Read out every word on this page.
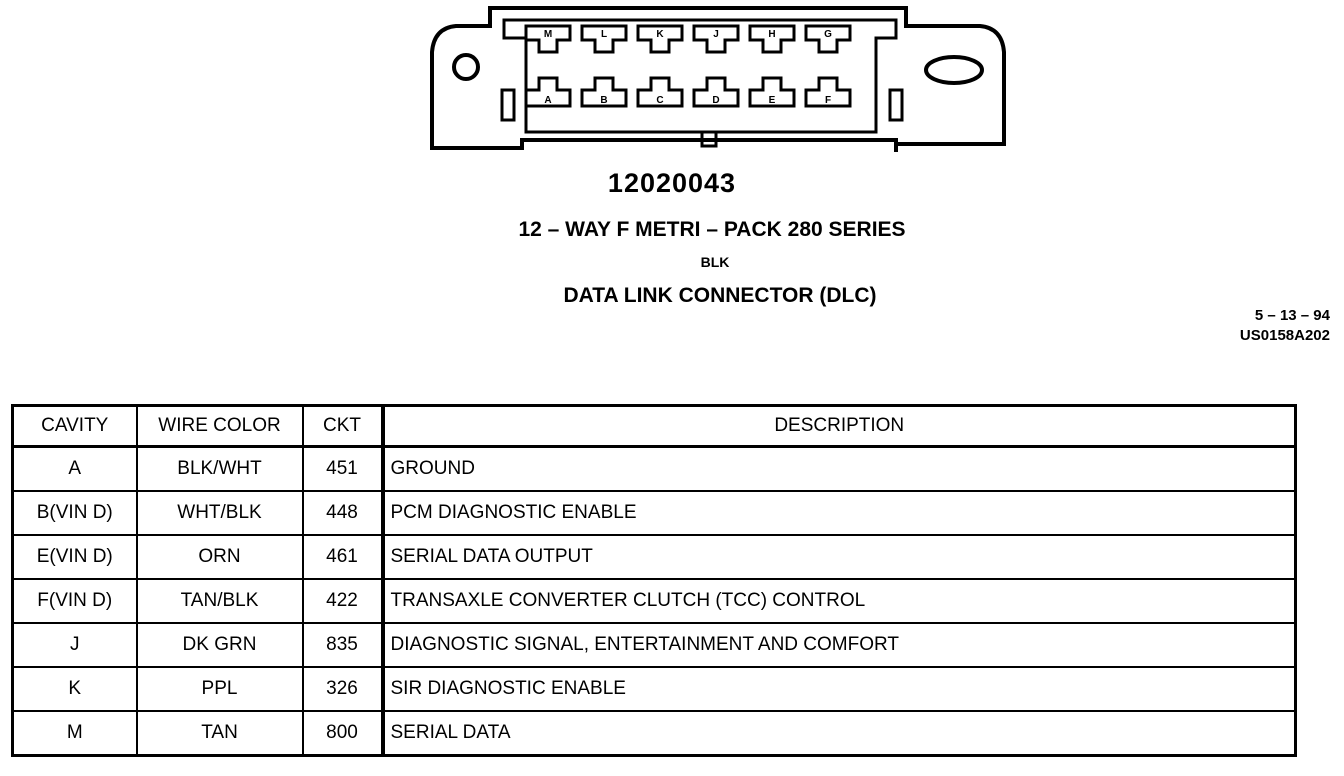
M	L	K	J	H	G
A	B	C	D	E	F
12020043
12 – WAY F METRI – PACK 280 SERIES
BLK
DATA LINK CONNECTOR (DLC)
5 – 13 – 94
US0158A202
CAVITY	WIRE COLOR	CKT	DESCRIPTION
A	BLK/WHT	451	GROUND
B(VIN D)	WHT/BLK	448	PCM DIAGNOSTIC ENABLE
E(VIN D)	ORN	461	SERIAL DATA OUTPUT
F(VIN D)	TAN/BLK	422	TRANSAXLE CONVERTER CLUTCH (TCC) CONTROL
J	DK GRN	835	DIAGNOSTIC SIGNAL, ENTERTAINMENT AND COMFORT
K	PPL	326	SIR DIAGNOSTIC ENABLE
M	TAN	800	SERIAL DATA
